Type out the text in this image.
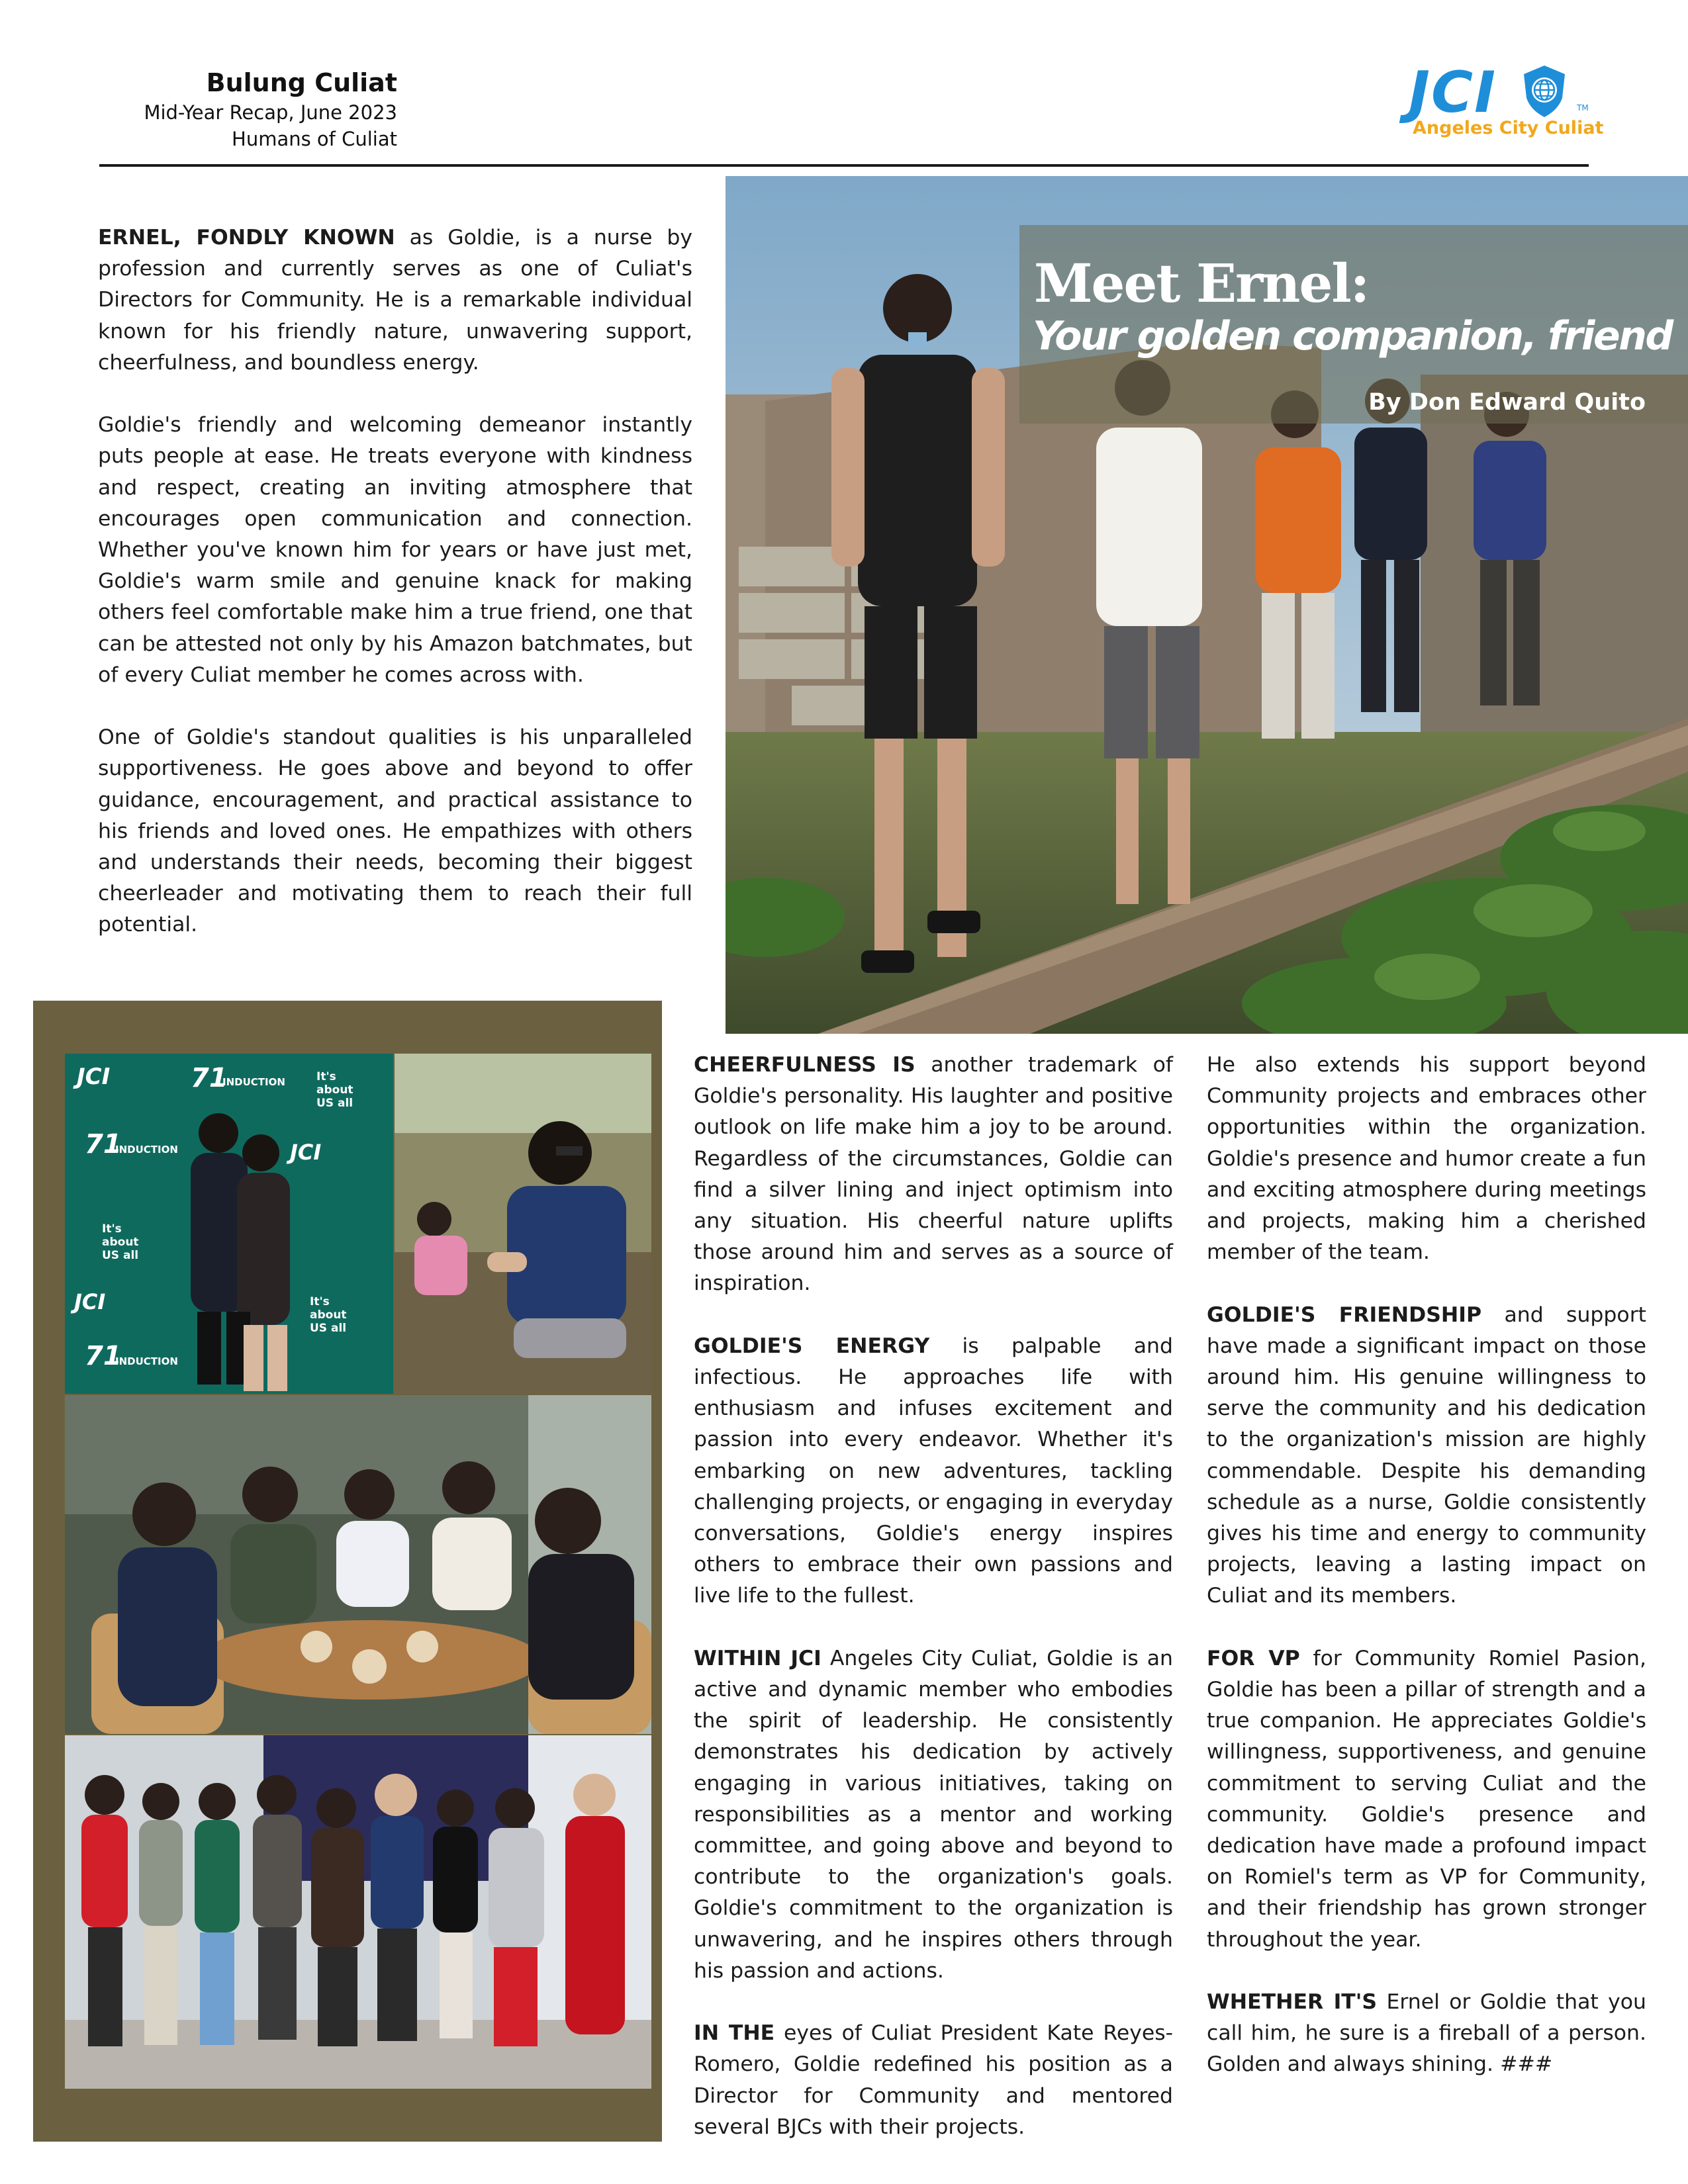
Bulung Culiat
Mid-Year Recap, June 2023
Humans of Culiat
JCI	TM
Angeles City Culiat

ERNEL, FONDLY KNOWN as Goldie, is a nurse by profession and currently serves as one of Culiat's Directors for Community. He is a remarkable individual known for his friendly nature, unwavering support, cheerfulness, and boundless energy.

Goldie's friendly and welcoming demeanor instantly puts people at ease. He treats everyone with kindness and respect, creating an inviting atmosphere that encourages open communication and connection. Whether you've known him for years or have just met, Goldie's warm smile and genuine knack for making others feel comfortable make him a true friend, one that can be attested not only by his Amazon batchmates, but of every Culiat member he comes across with.

One of Goldie's standout qualities is his unparalleled supportiveness. He goes above and beyond to offer guidance, encouragement, and practical assistance to his friends and loved ones. He empathizes with others and understands their needs, becoming their biggest cheerleader and motivating them to reach their full potential.

Meet Ernel:
Your golden companion, friend
By Don Edward Quito
JCI	71
INDUCTION
71
INDUCTION	JCI
It's
about
US all
It's
about
US all
JCI
71
INDUCTION
It's
about
US all

CHEERFULNESS IS another trademark of Goldie's personality. His laughter and positive outlook on life make him a joy to be around. Regardless of the circumstances, Goldie can find a silver lining and inject optimism into any situation. His cheerful nature uplifts those around him and serves as a source of inspiration.

GOLDIE'S ENERGY is palpable and infectious. He approaches life with enthusiasm and infuses excitement and passion into every endeavor. Whether it's embarking on new adventures, tackling challenging projects, or engaging in everyday conversations, Goldie's energy inspires others to embrace their own passions and live life to the fullest.

WITHIN JCI Angeles City Culiat, Goldie is an active and dynamic member who embodies the spirit of leadership. He consistently demonstrates his dedication by actively engaging in various initiatives, taking on responsibilities as a mentor and working committee, and going above and beyond to contribute to the organization's goals. Goldie's commitment to the organization is unwavering, and he inspires others through his passion and actions.

IN THE eyes of Culiat President Kate Reyes-Romero, Goldie redefined his position as a Director for Community and mentored several BJCs with their projects.

He also extends his support beyond Community projects and embraces other opportunities within the organization. Goldie's presence and humor create a fun and exciting atmosphere during meetings and projects, making him a cherished member of the team.

GOLDIE'S FRIENDSHIP and support have made a significant impact on those around him. His genuine willingness to serve the community and his dedication to the organization's mission are highly commendable. Despite his demanding schedule as a nurse, Goldie consistently gives his time and energy to community projects, leaving a lasting impact on Culiat and its members.

FOR VP for Community Romiel Pasion, Goldie has been a pillar of strength and a true companion. He appreciates Goldie's willingness, supportiveness, and genuine commitment to serving Culiat and the community. Goldie's presence and dedication have made a profound impact on Romiel's term as VP for Community, and their friendship has grown stronger throughout the year.

WHETHER IT'S Ernel or Goldie that you call him, he sure is a fireball of a person. Golden and always shining. ###
